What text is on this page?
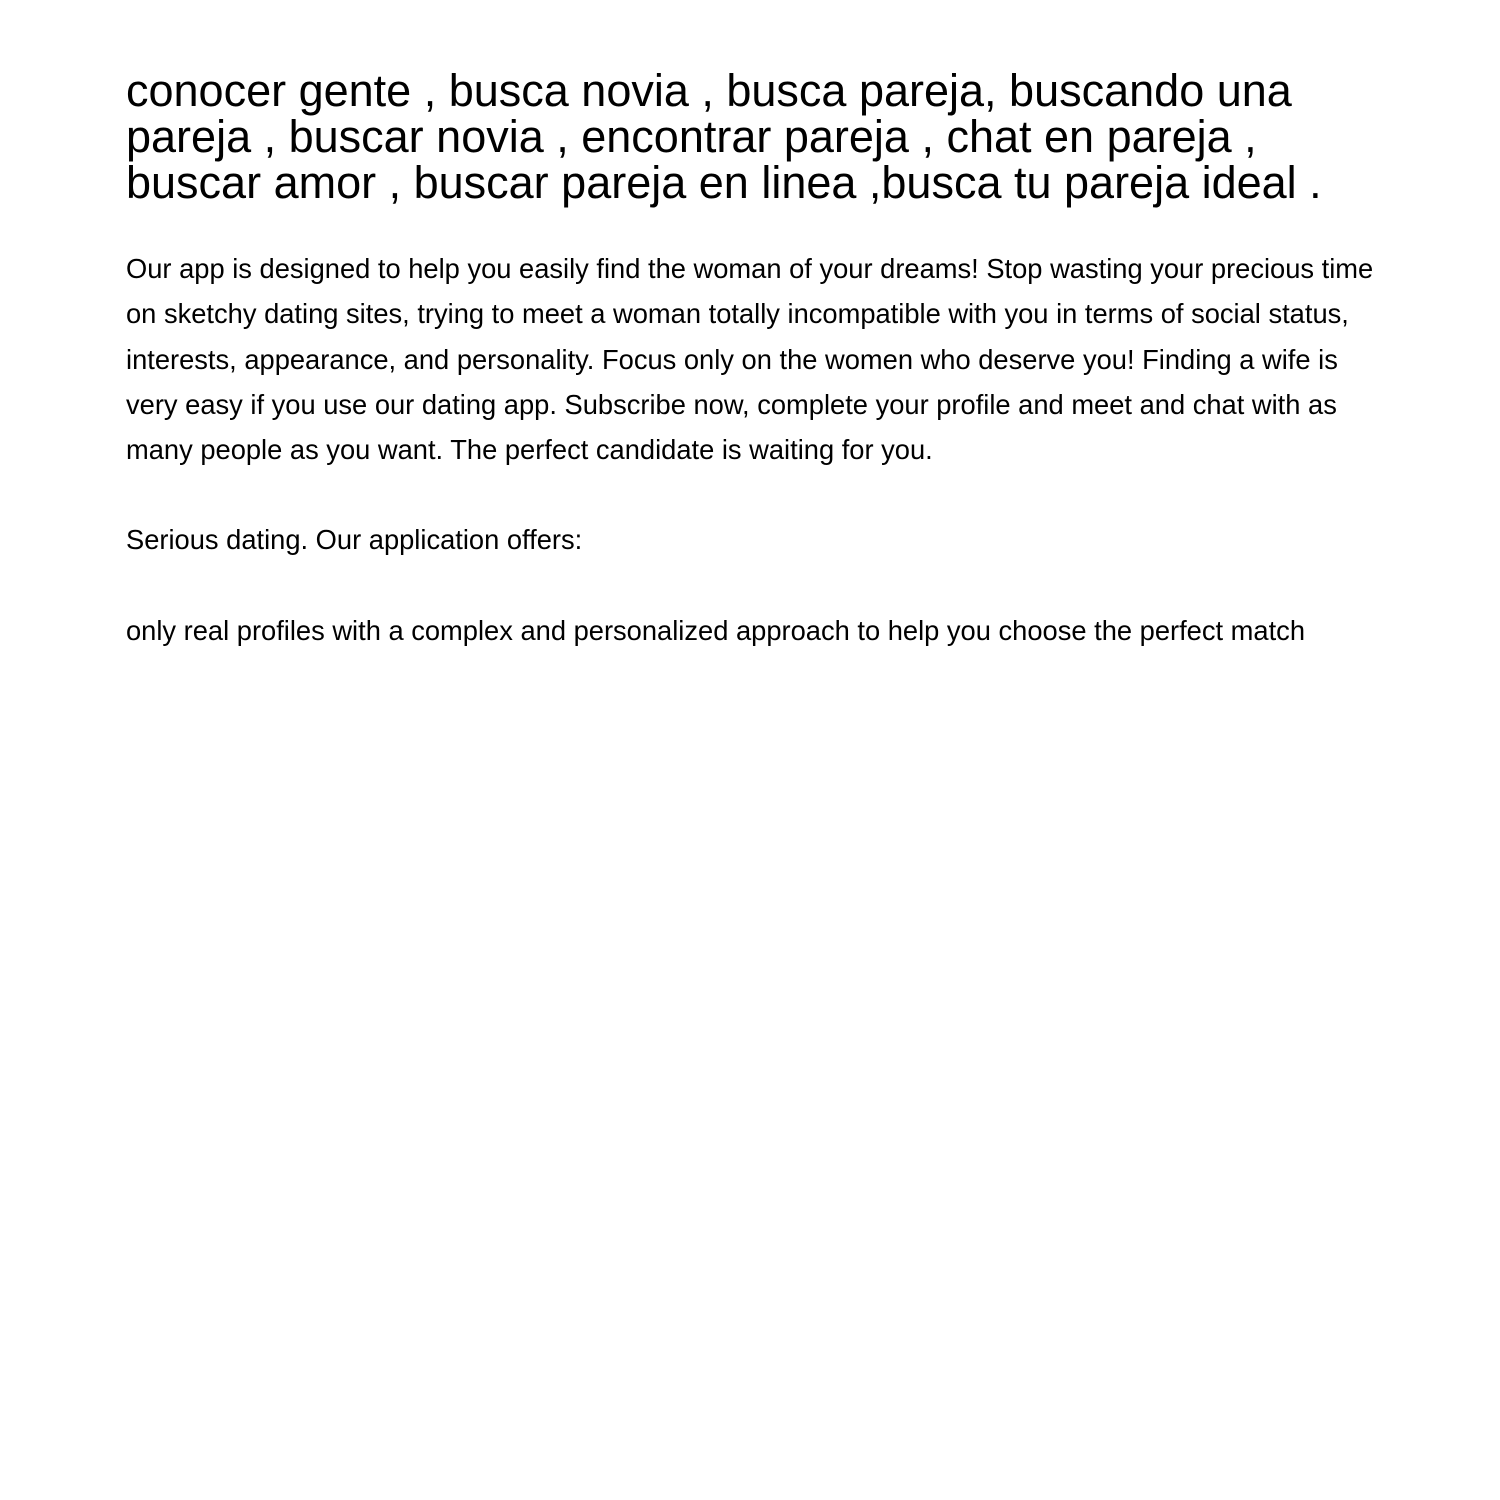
conocer gente , busca novia , busca pareja, buscando una pareja , buscar novia , encontrar pareja , chat en pareja , buscar amor , buscar pareja en linea ,busca tu pareja ideal .

Our app is designed to help you easily find the woman of your dreams! Stop wasting your precious time on sketchy dating sites, trying to meet a woman totally incompatible with you in terms of social status, interests, appearance, and personality. Focus only on the women who deserve you! Finding a wife is very easy if you use our dating app. Subscribe now, complete your profile and meet and chat with as many people as you want. The perfect candidate is waiting for you.

Serious dating. Our application offers:

only real profiles with a complex and personalized approach to help you choose the perfect match
